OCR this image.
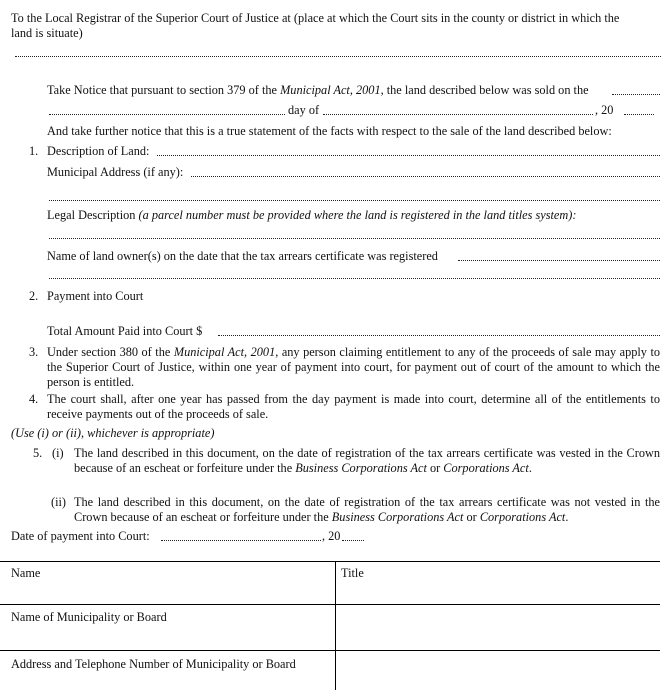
To the Local Registrar of the Superior Court of Justice at (place at which the Court sits in the county or district in which the
land is situate)
Take Notice that pursuant to section 379 of the Municipal Act, 2001, the land described below was sold on the
day of	, 20
And take further notice that this is a true statement of the facts with respect to the sale of the land described below:
1. Description of Land:
Municipal Address (if any):
Legal Description (a parcel number must be provided where the land is registered in the land titles system):
Name of land owner(s) on the date that the tax arrears certificate was registered
2. Payment into Court
Total Amount Paid into Court $
3. Under section 380 of the Municipal Act, 2001, any person claiming entitlement to any of the proceeds of sale may apply to the Superior Court of Justice, within one year of payment into court, for payment out of court of the amount to which the person is entitled.
4. The court shall, after one year has passed from the day payment is made into court, determine all of the entitlements to receive payments out of the proceeds of sale.
(Use (i) or (ii), whichever is appropriate)
5. (i) The land described in this document, on the date of registration of the tax arrears certificate was vested in the Crown because of an escheat or forfeiture under the Business Corporations Act or Corporations Act.
(ii) The land described in this document, on the date of registration of the tax arrears certificate was not vested in the Crown because of an escheat or forfeiture under the Business Corporations Act or Corporations Act.
Date of payment into Court:	, 20
Name	Title
Name of Municipality or Board
Address and Telephone Number of Municipality or Board
